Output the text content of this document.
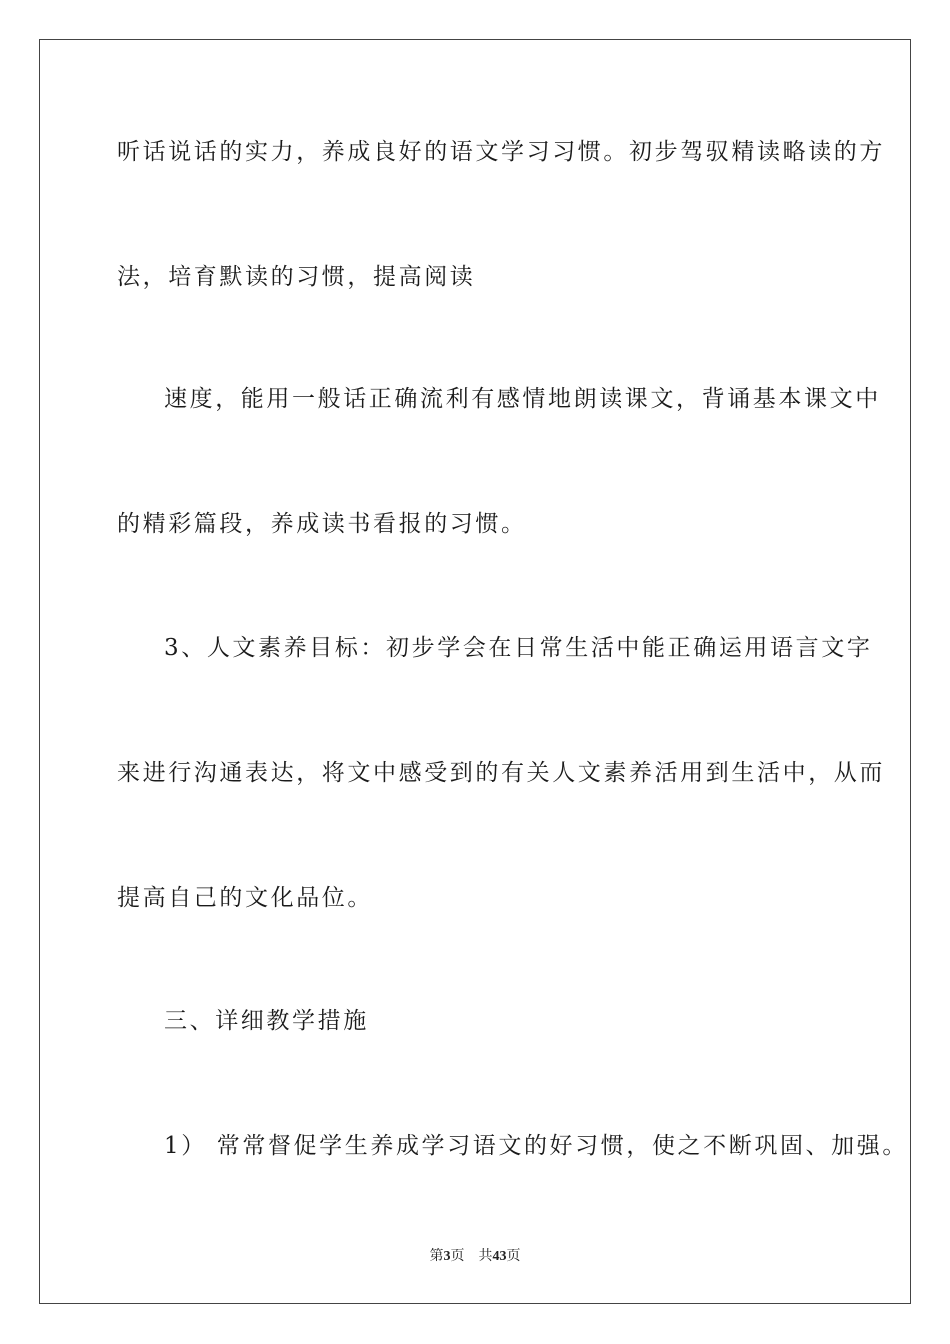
听话说话的实力，养成良好的语文学习习惯。初步驾驭精读略读的方
法，培育默读的习惯，提高阅读
速度，能用一般话正确流利有感情地朗读课文，背诵基本课文中
的精彩篇段，养成读书看报的习惯。
3、人文素养目标：初步学会在日常生活中能正确运用语言文字
来进行沟通表达，将文中感受到的有关人文素养活用到生活中，从而
提高自己的文化品位。
三、详细教学措施
1） 常常督促学生养成学习语文的好习惯，使之不断巩固、加强。
第3页 共43页
